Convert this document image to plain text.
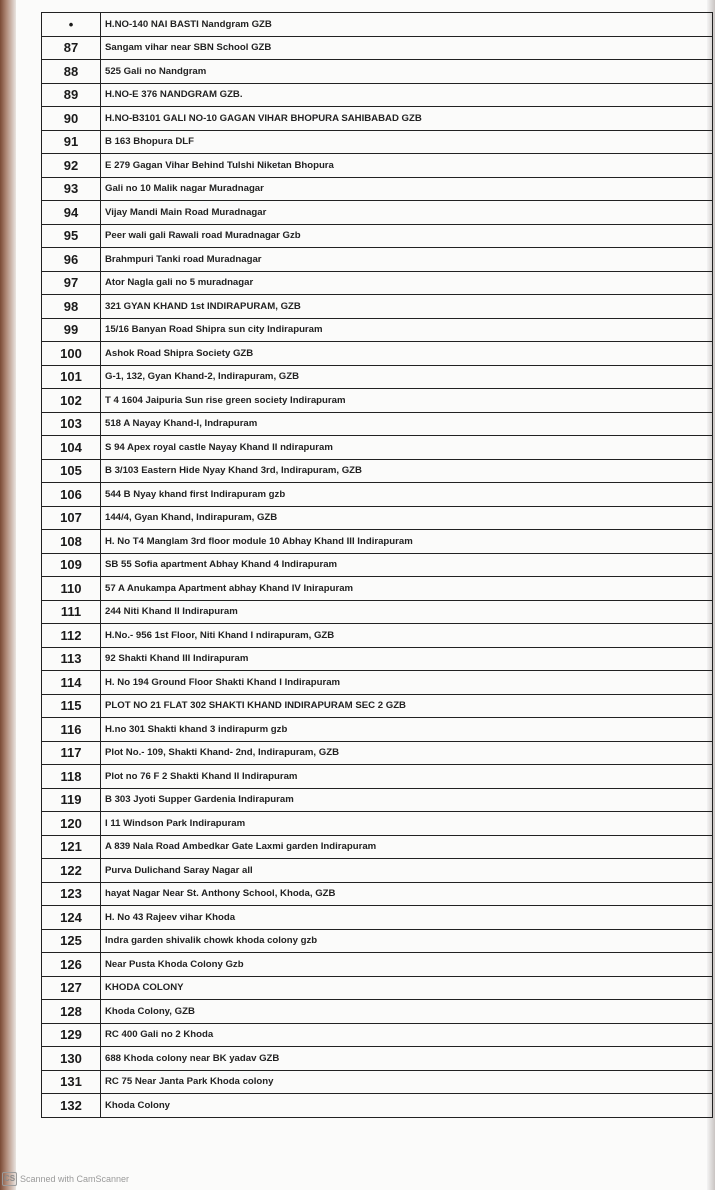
•	H.NO-140 NAI BASTI Nandgram GZB
87	Sangam vihar near SBN School GZB
88	525 Gali no Nandgram
89	H.NO-E 376 NANDGRAM GZB.
90	H.NO-B3101 GALI NO-10 GAGAN VIHAR BHOPURA SAHIBABAD GZB
91	B 163 Bhopura DLF
92	E 279 Gagan Vihar Behind Tulshi Niketan Bhopura
93	Gali no 10 Malik nagar Muradnagar
94	Vijay Mandi Main Road Muradnagar
95	Peer wali gali Rawali road Muradnagar Gzb
96	Brahmpuri Tanki road Muradnagar
97	Ator Nagla gali no 5 muradnagar
98	321 GYAN KHAND 1st INDIRAPURAM, GZB
99	15/16 Banyan Road Shipra sun city Indirapuram
100	Ashok Road Shipra Society GZB
101	G-1, 132, Gyan Khand-2, Indirapuram, GZB
102	T 4 1604 Jaipuria Sun rise green society Indirapuram
103	518 A Nayay Khand-I, Indrapuram
104	S 94 Apex royal castle Nayay Khand II ndirapuram
105	B 3/103 Eastern Hide Nyay Khand 3rd, Indirapuram, GZB
106	544 B Nyay khand first Indirapuram gzb
107	144/4, Gyan Khand, Indirapuram, GZB
108	H. No T4 Manglam 3rd floor module 10 Abhay Khand III Indirapuram
109	SB 55 Sofia apartment Abhay Khand 4 Indirapuram
110	57 A Anukampa Apartment abhay Khand IV Inirapuram
111	244 Niti Khand II Indirapuram
112	H.No.- 956 1st Floor, Niti Khand I ndirapuram, GZB
113	92 Shakti Khand III Indirapuram
114	H. No 194 Ground Floor Shakti Khand I Indirapuram
115	PLOT NO 21 FLAT 302 SHAKTI KHAND INDIRAPURAM SEC 2 GZB
116	H.no 301 Shakti khand 3 indirapurm gzb
117	Plot No.- 109, Shakti Khand- 2nd, Indirapuram, GZB
118	Plot no 76 F 2 Shakti Khand II Indirapuram
119	B 303 Jyoti Supper Gardenia Indirapuram
120	I 11 Windson Park Indirapuram
121	A 839 Nala Road Ambedkar Gate Laxmi garden Indirapuram
122	Purva Dulichand Saray Nagar all
123	hayat Nagar Near St. Anthony School, Khoda, GZB
124	H. No 43 Rajeev vihar Khoda
125	Indra garden shivalik chowk khoda colony gzb
126	Near Pusta Khoda Colony Gzb
127	KHODA COLONY
128	Khoda Colony, GZB
129	RC 400 Gali no 2 Khoda
130	688 Khoda colony near BK yadav GZB
131	RC 75 Near Janta Park Khoda colony
132	Khoda Colony
CS Scanned with CamScanner
